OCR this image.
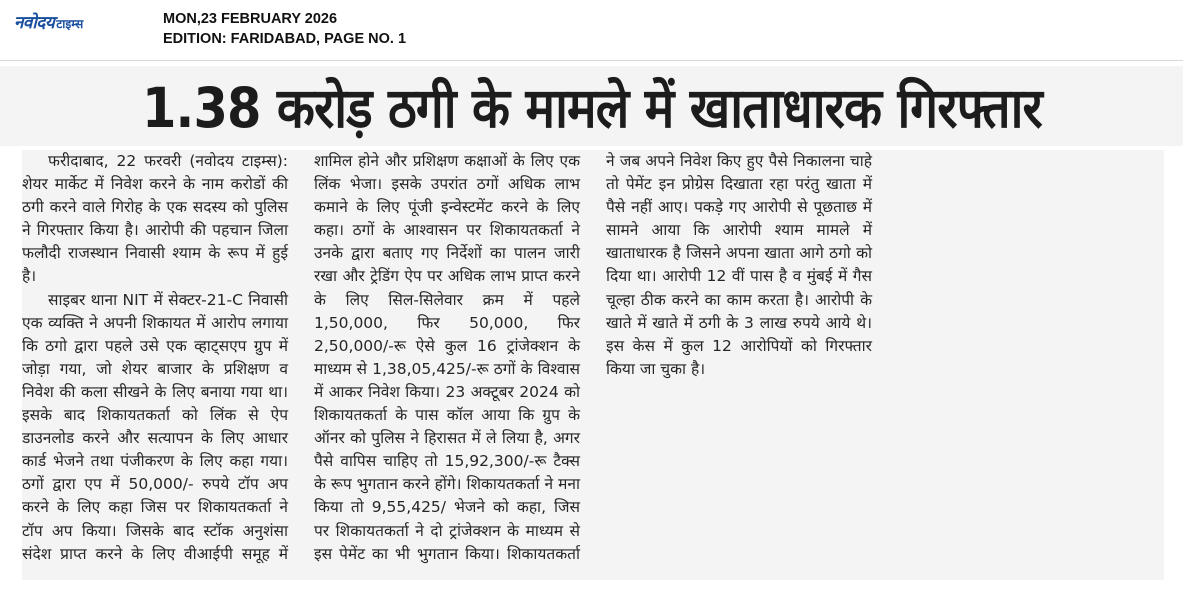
नवोदय टाइम्स	MON,23 FEBRUARY 2026
EDITION: FARIDABAD, PAGE NO. 1
1.38 करोड़ ठगी के मामले में खाताधारक गिरफ्तार

फरीदाबाद, 22 फरवरी (नवोदय टाइम्स): शेयर मार्केट में निवेश करने के नाम करोडों की ठगी करने वाले गिरोह के एक सदस्य को पुलिस ने गिरफ्तार किया है। आरोपी की पहचान जिला फलौदी राजस्थान निवासी श्याम के रूप में हुई है।

साइबर थाना NIT में सेक्टर-21-C निवासी एक व्यक्ति ने अपनी शिकायत में आरोप लगाया कि ठगो द्वारा पहले उसे एक व्हाट्सएप ग्रुप में जोड़ा गया, जो शेयर बाजार के प्रशिक्षण व निवेश की कला सीखने के लिए बनाया गया था। इसके बाद शिकायतकर्ता को लिंक से ऐप डाउनलोड करने और सत्यापन के लिए आधार कार्ड भेजने तथा पंजीकरण के लिए कहा गया। ठगों द्वारा एप में 50,000/- रुपये टॉप अप करने के लिए कहा जिस पर शिकायतकर्ता ने टॉप अप किया। जिसके बाद स्टॉक अनुशंसा संदेश प्राप्त करने के लिए वीआईपी समूह में शामिल होने और प्रशिक्षण कक्षाओं के लिए एक लिंक भेजा। इसके उपरांत ठगों अधिक लाभ कमाने के लिए पूंजी इन्वेस्टमेंट करने के लिए कहा। ठगों के आश्वासन पर शिकायतकर्ता ने उनके द्वारा बताए गए निर्देशों का पालन जारी रखा और ट्रेडिंग ऐप पर अधिक लाभ प्राप्त करने के लिए सिल-सिलेवार क्रम में पहले 1,50,000, फिर 50,000, फिर 2,50,000/-रू ऐसे कुल 16 ट्रांजेक्शन के माध्यम से 1,38,05,425/-रू ठगों के विश्वास में आकर निवेश किया। 23 अक्टूबर 2024 को शिकायतकर्ता के पास कॉल आया कि ग्रुप के ऑनर को पुलिस ने हिरासत में ले लिया है, अगर पैसे वापिस चाहिए तो 15,92,300/-रू टैक्स के रूप भुगतान करने होंगे। शिकायतकर्ता ने मना किया तो 9,55,425/ भेजने को कहा, जिस पर शिकायतकर्ता ने दो ट्रांजेक्शन के माध्यम से इस पेमेंट का भी भुगतान किया। शिकायतकर्ता ने जब अपने निवेश किए हुए पैसे निकालना चाहे तो पेमेंट इन प्रोग्रेस दिखाता रहा परंतु खाता में पैसे नहीं आए। पकड़े गए आरोपी से पूछताछ में सामने आया कि आरोपी श्याम मामले में खाताधारक है जिसने अपना खाता आगे ठगो को दिया था। आरोपी 12 वीं पास है व मुंबई में गैस चूल्हा ठीक करने का काम करता है। आरोपी के खाते में खाते में ठगी के 3 लाख रुपये आये थे। इस केस में कुल 12 आरोपियों को गिरफ्तार किया जा चुका है।
